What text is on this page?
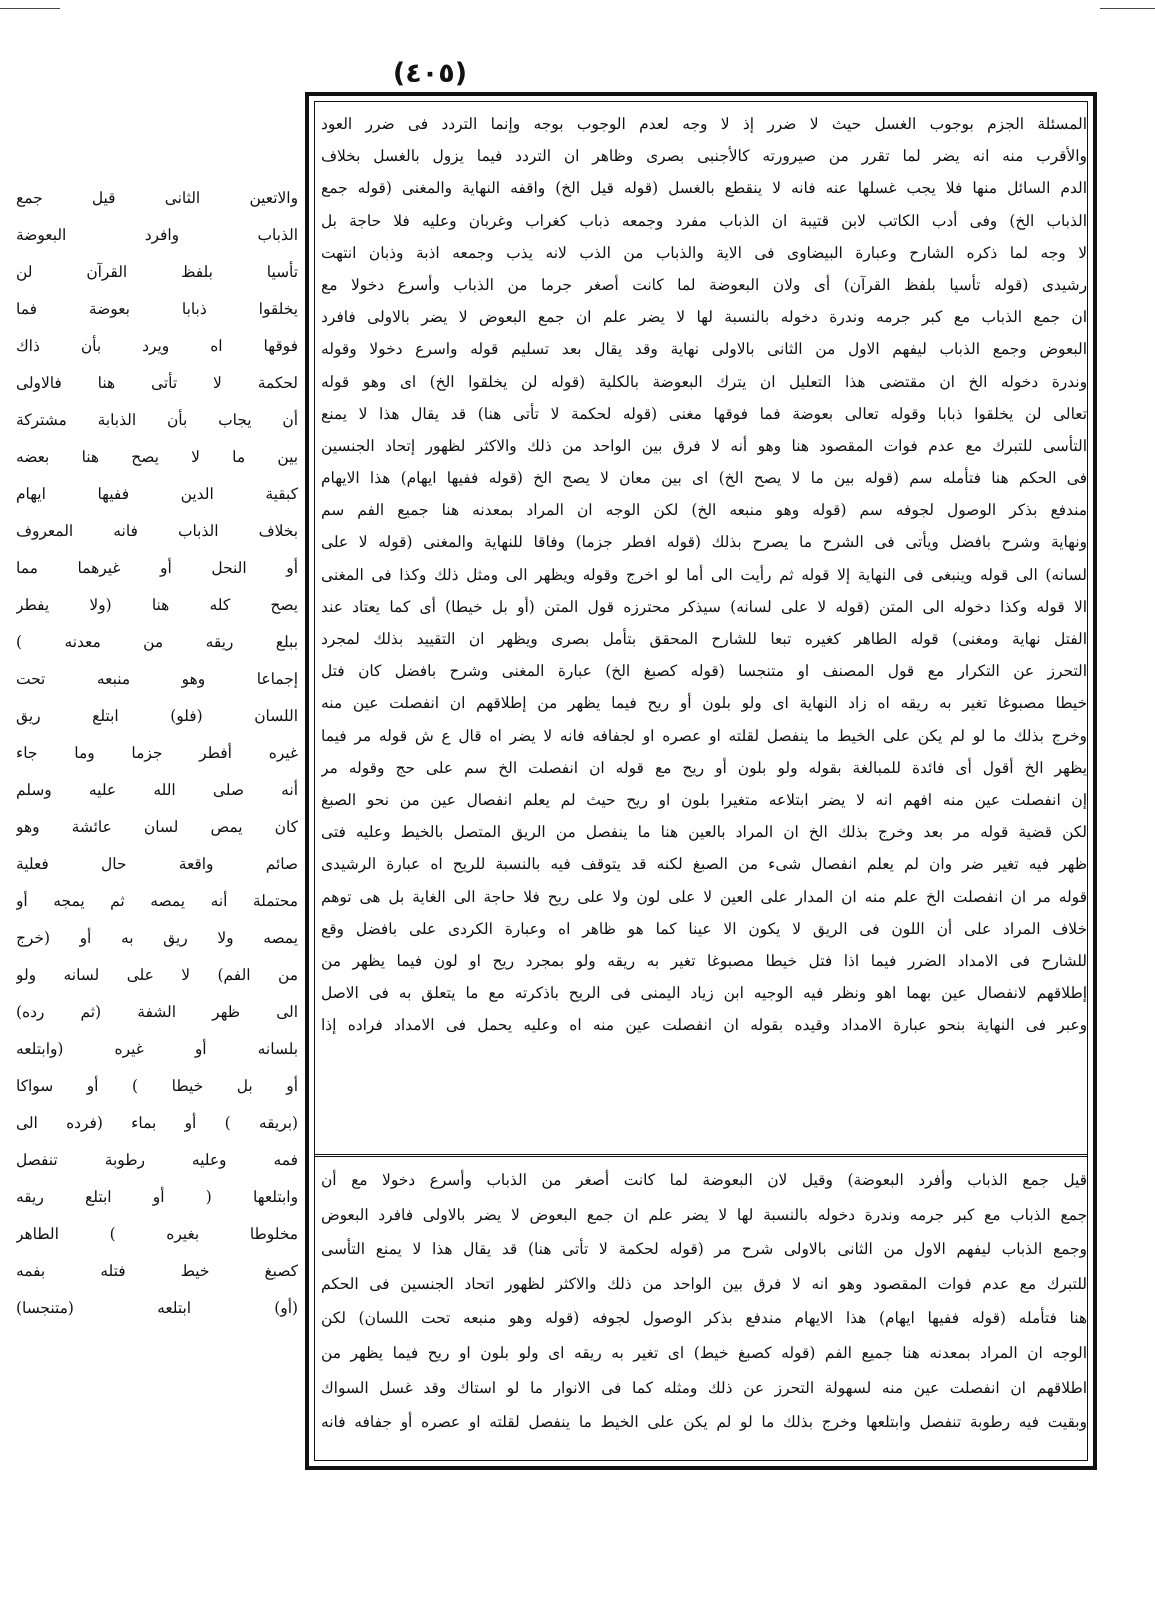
(٤٠٥)
المسئلة الجزم بوجوب الغسل حيث لا ضرر إذ لا وجه لعدم الوجوب بوجه وإنما التردد فى ضرر العود
والأقرب منه انه يضر لما تقرر من صيرورته كالأجنبى بصرى وظاهر ان التردد فيما يزول بالغسل بخلاف
الدم السائل منها فلا يجب غسلها عنه فانه لا ينقطع بالغسل (قوله قيل الخ) واقفه النهاية والمغنى (قوله جمع
الذباب الخ) وفى أدب الكاتب لابن قتيبة ان الذباب مفرد وجمعه ذباب كغراب وغربان وعليه فلا حاجة بل
لا وجه لما ذكره الشارح وعبارة البيضاوى فى الاية والذباب من الذب لانه يذب وجمعه اذبة وذبان انتهت
رشيدى (قوله تأسيا بلفظ القرآن) أى ولان البعوضة لما كانت أصغر جرما من الذباب وأسرع دخولا مع
ان جمع الذباب مع كبر جرمه وندرة دخوله بالنسبة لها لا يضر علم ان جمع البعوض لا يضر بالاولى فافرد
البعوض وجمع الذباب ليفهم الاول من الثانى بالاولى نهاية وقد يقال بعد تسليم قوله واسرع دخولا وقوله
وندرة دخوله الخ ان مقتضى هذا التعليل ان يترك البعوضة بالكلية (قوله لن يخلقوا الخ) اى وهو قوله
تعالى لن يخلقوا ذبابا وقوله تعالى بعوضة فما فوقها مغنى (قوله لحكمة لا تأتى هنا) قد يقال هذا لا يمنع
التأسى للتبرك مع عدم فوات المقصود هنا وهو أنه لا فرق بين الواحد من ذلك والاكثر لظهور إتحاد الجنسين
فى الحكم هنا فتأمله سم (قوله بين ما لا يصح الخ) اى بين معان لا يصح الخ (قوله ففيها ايهام) هذا الايهام
مندفع بذكر الوصول لجوفه سم (قوله وهو منبعه الخ) لكن الوجه ان المراد بمعدنه هنا جميع الفم سم
ونهاية وشرح بافضل ويأتى فى الشرح ما يصرح بذلك (قوله افطر جزما) وفاقا للنهاية والمغنى (قوله لا على
لسانه) الى قوله وينبغى فى النهاية إلا قوله ثم رأيت الى أما لو اخرج وقوله ويظهر الى ومثل ذلك وكذا فى المغنى
الا قوله وكذا دخوله الى المتن (قوله لا على لسانه) سيذكر محترزه قول المتن (أو بل خيطا) أى كما يعتاد عند
الفتل نهاية ومغنى) قوله الطاهر كغيره تبعا للشارح المحقق بتأمل بصرى ويظهر ان التقييد بذلك لمجرد
التحرز عن التكرار مع قول المصنف او متنجسا (قوله كصبغ الخ) عبارة المغنى وشرح بافضل كان فتل
خيطا مصبوغا تغير به ريقه اه زاد النهاية اى ولو بلون أو ريح فيما يظهر من إطلاقهم ان انفصلت عين منه
وخرج بذلك ما لو لم يكن على الخيط ما ينفصل لقلته او عصره او لجفافه فانه لا يضر اه قال ع ش قوله مر فيما
يظهر الخ أقول أى فائدة للمبالغة بقوله ولو بلون أو ريح مع قوله ان انفصلت الخ سم على حج وقوله مر
إن انفصلت عين منه افهم انه لا يضر ابتلاعه متغيرا بلون او ريح حيث لم يعلم انفصال عين من نحو الصبغ
لكن قضية قوله مر بعد وخرج بذلك الخ ان المراد بالعين هنا ما ينفصل من الريق المتصل بالخيط وعليه فتى
ظهر فيه تغير ضر وان لم يعلم انفصال شىء من الصبغ لكنه قد يتوقف فيه بالنسبة للريح اه عبارة الرشيدى
قوله مر ان انفصلت الخ علم منه ان المدار على العين لا على لون ولا على ريح فلا حاجة الى الغاية بل هى توهم
خلاف المراد على أن اللون فى الريق لا يكون الا عينا كما هو ظاهر اه وعبارة الكردى على بافضل وقع
للشارح فى الامداد الضرر فيما اذا فتل خيطا مصبوغا تغير به ريقه ولو بمجرد ريح او لون فيما يظهر من
إطلاقهم لانفصال عين بهما اهو ونظر فيه الوجيه ابن زياد اليمنى فى الريح باذكرته مع ما يتعلق به فى الاصل
وعبر فى النهاية بنحو عبارة الامداد وقيده بقوله ان انفصلت عين منه اه وعليه يحمل فى الامداد فراده إذا
قيل جمع الذباب وأفرد البعوضة) وقيل لان البعوضة لما كانت أصغر من الذباب وأسرع دخولا مع أن
جمع الذباب مع كبر جرمه وندرة دخوله بالنسبة لها لا يضر علم ان جمع البعوض لا يضر بالاولى فافرد البعوض
وجمع الذباب ليفهم الاول من الثانى بالاولى شرح مر (قوله لحكمة لا تأتى هنا) قد يقال هذا لا يمنع التأسى
للتبرك مع عدم فوات المقصود وهو انه لا فرق بين الواحد من ذلك والاكثر لظهور اتحاد الجنسين فى الحكم
هنا فتأمله (قوله ففيها ايهام) هذا الايهام مندفع بذكر الوصول لجوفه (قوله وهو منبعه تحت اللسان) لكن
الوجه ان المراد بمعدنه هنا جميع الفم (قوله كصبغ خيط) اى تغير به ريقه اى ولو بلون او ريح فيما يظهر من
اطلاقهم ان انفصلت عين منه لسهولة التحرز عن ذلك ومثله كما فى الانوار ما لو استاك وقد غسل السواك
وبقيت فيه رطوبة تنفصل وابتلعها وخرج بذلك ما لو لم يكن على الخيط ما ينفصل لقلته او عصره أو جفافه فانه
والاتعين الثانى قيل جمع
الذباب وافرد البعوضة
تأسيا بلفظ القرآن لن
يخلقوا ذبابا بعوضة فما
فوقها اه ويرد بأن ذاك
لحكمة لا تأتى هنا فالاولى
أن يجاب بأن الذبابة مشتركة
بين ما لا يصح هنا بعضه
كبقية الدين ففيها ايهام
بخلاف الذباب فانه المعروف
أو النحل أو غيرهما مما
يصح كله هنا (ولا يفطر
ببلع ريقه من معدنه )
إجماعا وهو منبعه تحت
اللسان (فلو) ابتلع ريق
غيره أفطر جزما وما جاء
أنه صلى الله عليه وسلم
كان يمص لسان عائشة وهو
صائم واقعة حال فعلية
محتملة أنه يمصه ثم يمجه أو
يمصه ولا ريق به أو (خرج
من الفم) لا على لسانه ولو
الى ظهر الشفة (ثم رده)
بلسانه أو غيره (وابتلعه
أو بل خيطا ) أو سواكا
(بريقه ) أو بماء (فرده الى
فمه وعليه رطوبة تنفصل
وابتلعها ( أو ابتلع ريقه
مخلوطا بغيره ) الطاهر
كصبغ خيط فتله بفمه
(أو) ابتلعه (متنجسا)
